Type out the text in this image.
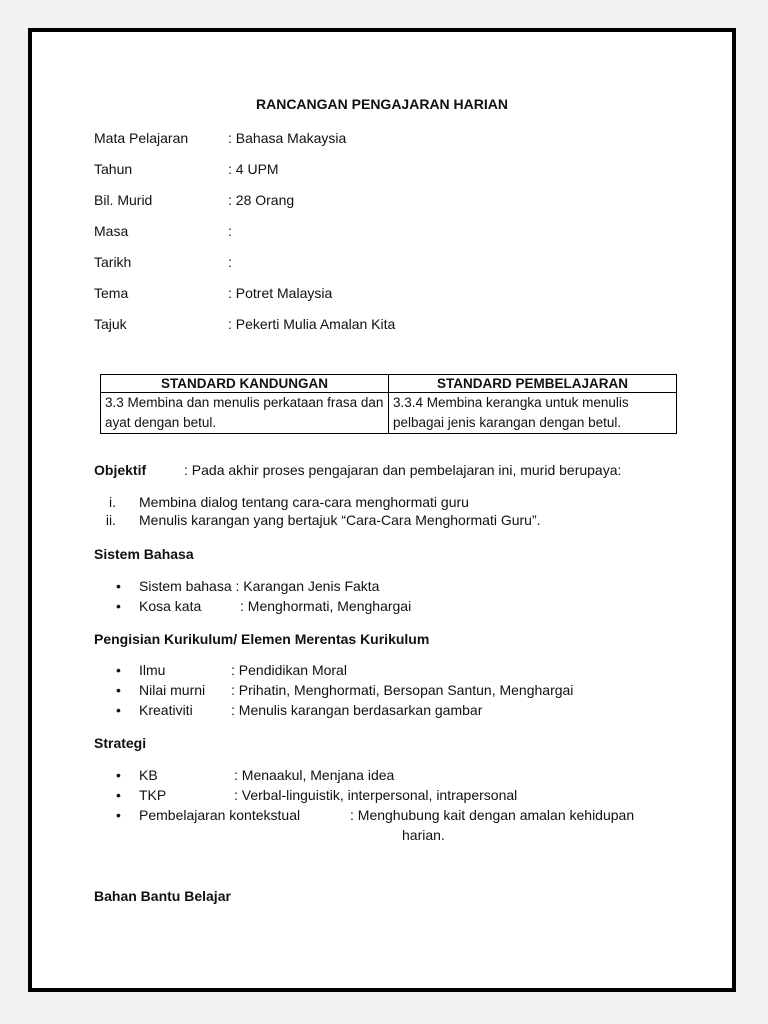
RANCANGAN PENGAJARAN HARIAN
Mata Pelajaran	: Bahasa Makaysia
Tahun	: 4 UPM
Bil. Murid	: 28 Orang
Masa	:
Tarikh	:
Tema	: Potret Malaysia
Tajuk	: Pekerti Mulia Amalan Kita
STANDARD KANDUNGAN	STANDARD PEMBELAJARAN
3.3 Membina dan menulis perkataan frasa dan ayat dengan betul.	3.3.4 Membina kerangka untuk menulis pelbagai jenis karangan dengan betul.
Objektif	: Pada akhir proses pengajaran dan pembelajaran ini, murid berupaya:
i. Membina dialog tentang cara-cara menghormati guru
ii. Menulis karangan yang bertajuk “Cara-Cara Menghormati Guru”.
Sistem Bahasa
• Sistem bahasa : Karangan Jenis Fakta
• Kosa kata	: Menghormati, Menghargai
Pengisian Kurikulum/ Elemen Merentas Kurikulum
• Ilmu	: Pendidikan Moral
• Nilai murni : Prihatin, Menghormati, Bersopan Santun, Menghargai
• Kreativiti	: Menulis karangan berdasarkan gambar
Strategi
• KB	: Menaakul, Menjana idea
• TKP	: Verbal-linguistik, interpersonal, intrapersonal
• Pembelajaran kontekstual	: Menghubung kait dengan amalan kehidupan
harian.
Bahan Bantu Belajar
